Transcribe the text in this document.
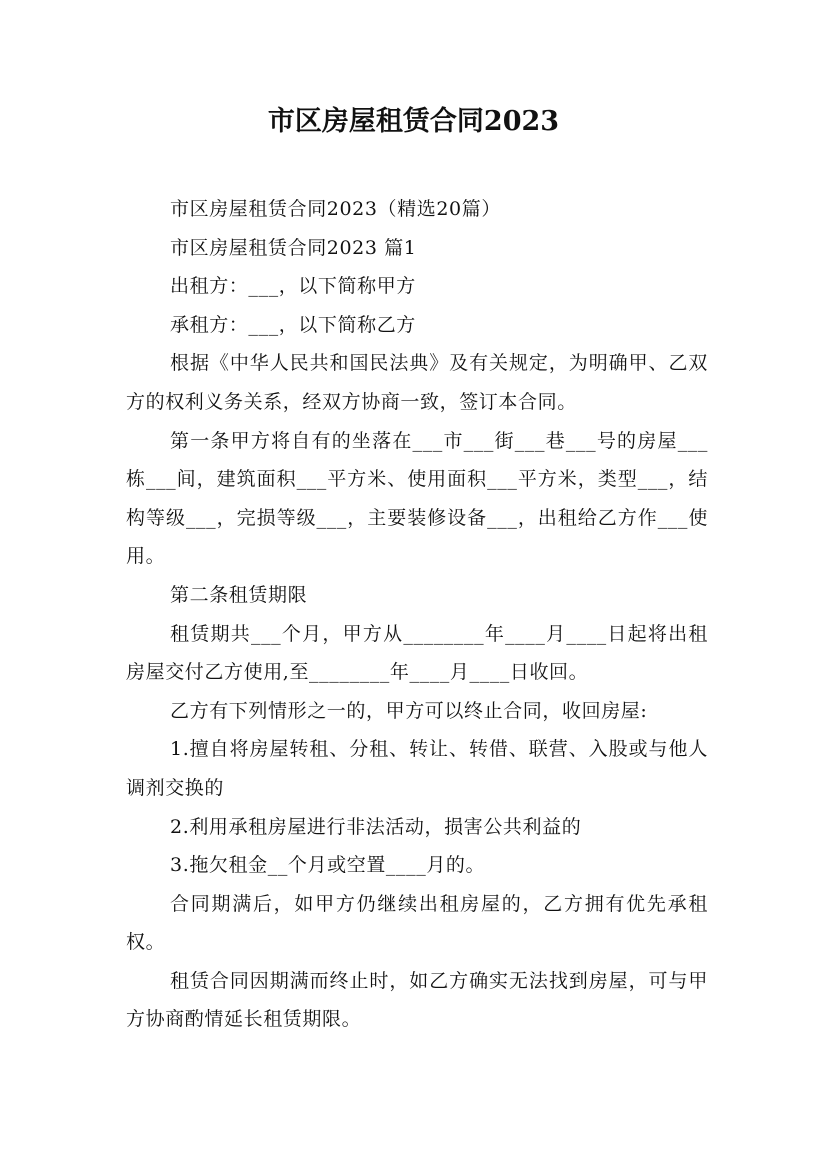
市区房屋租赁合同2023

市区房屋租赁合同2023（精选20篇）

市区房屋租赁合同2023 篇1

出租方：___，以下简称甲方

承租方：___，以下简称乙方

根据《中华人民共和国民法典》及有关规定，为明确甲、乙双方的权利义务关系，经双方协商一致，签订本合同。

第一条甲方将自有的坐落在___市___街___巷___号的房屋___栋___间，建筑面积___平方米、使用面积___平方米，类型___，结构等级___，完损等级___，主要装修设备___，出租给乙方作___使用。

第二条租赁期限

租赁期共___个月，甲方从________年____月____日起将出租房屋交付乙方使用,至________年____月____日收回。

乙方有下列情形之一的，甲方可以终止合同，收回房屋:

1.擅自将房屋转租、分租、转让、转借、联营、入股或与他人调剂交换的

2.利用承租房屋进行非法活动，损害公共利益的

3.拖欠租金__个月或空置____月的。

合同期满后，如甲方仍继续出租房屋的，乙方拥有优先承租权。

租赁合同因期满而终止时，如乙方确实无法找到房屋，可与甲方协商酌情延长租赁期限。
